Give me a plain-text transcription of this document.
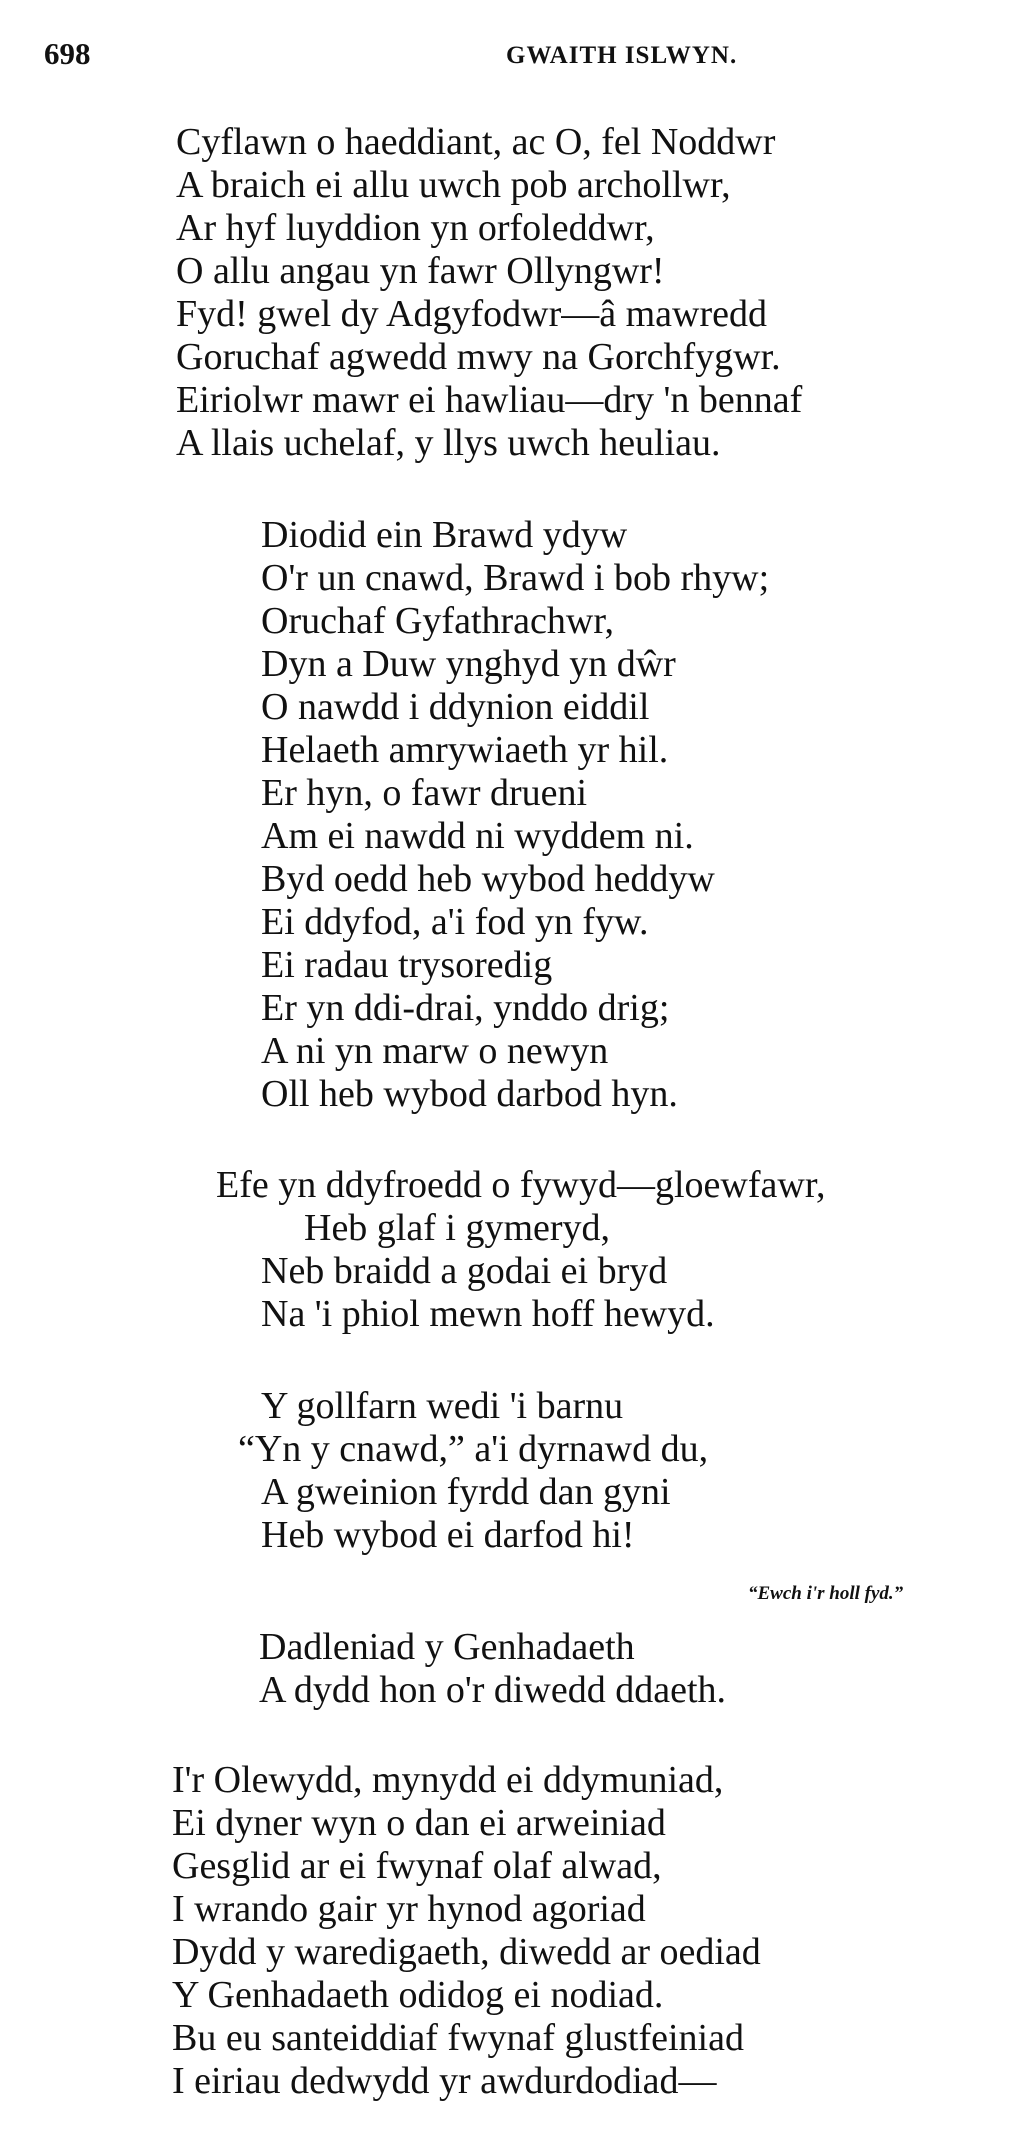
698	GWAITH ISLWYN.
Cyflawn o haeddiant, ac O, fel Noddwr
A braich ei allu uwch pob archollwr,
Ar hyf luyddion yn orfoleddwr,
O allu angau yn fawr Ollyngwr!
Fyd! gwel dy Adgyfodwr—â mawredd
Goruchaf agwedd mwy na Gorchfygwr.
Eiriolwr mawr ei hawliau—dry 'n bennaf
A llais uchelaf, y llys uwch heuliau.
Diodid ein Brawd ydyw
O'r un cnawd, Brawd i bob rhyw;
Oruchaf Gyfathrachwr,
Dyn a Duw ynghyd yn dŵr
O nawdd i ddynion eiddil
Helaeth amrywiaeth yr hil.
Er hyn, o fawr drueni
Am ei nawdd ni wyddem ni.
Byd oedd heb wybod heddyw
Ei ddyfod, a'i fod yn fyw.
Ei radau trysoredig
Er yn ddi-drai, ynddo drig;
A ni yn marw o newyn
Oll heb wybod darbod hyn.
Efe yn ddyfroedd o fywyd—gloewfawr,
Heb glaf i gymeryd,
Neb braidd a godai ei bryd
Na 'i phiol mewn hoff hewyd.
Y gollfarn wedi 'i barnu
“Yn y cnawd,” a'i dyrnawd du,
A gweinion fyrdd dan gyni
Heb wybod ei darfod hi!
“Ewch i'r holl fyd.”
Dadleniad y Genhadaeth
A dydd hon o'r diwedd ddaeth.
I'r Olewydd, mynydd ei ddymuniad,
Ei dyner wyn o dan ei arweiniad
Gesglid ar ei fwynaf olaf alwad,
I wrando gair yr hynod agoriad
Dydd y waredigaeth, diwedd ar oediad
Y Genhadaeth odidog ei nodiad.
Bu eu santeiddiaf fwynaf glustfeiniad
I eiriau dedwydd yr awdurdodiad—
